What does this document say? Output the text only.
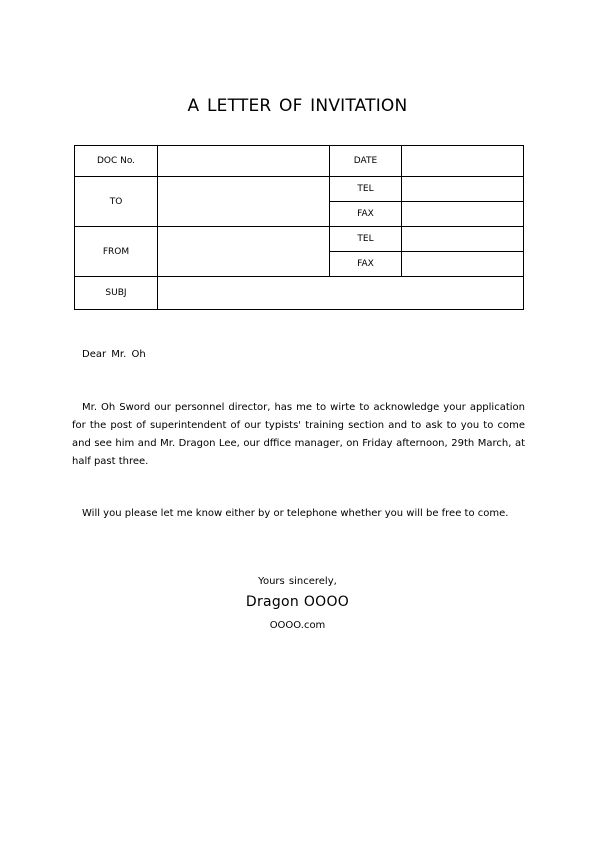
A LETTER OF INVITATION
DOC No.		DATE	
TO		TEL	
		FAX	
FROM		TEL	
		FAX	
SUBJ			
Dear Mr. Oh

Mr. Oh Sword our personnel director, has me to wirte to acknowledge your application for the post of superintendent of our typists' training section and to ask to you to come and see him and Mr. Dragon Lee, our dffice manager, on Friday afternoon, 29th March, at half past three.

Will you please let me know either by or telephone whether you will be free to come.

Yours sincerely,
Dragon OOOO
OOOO.com
